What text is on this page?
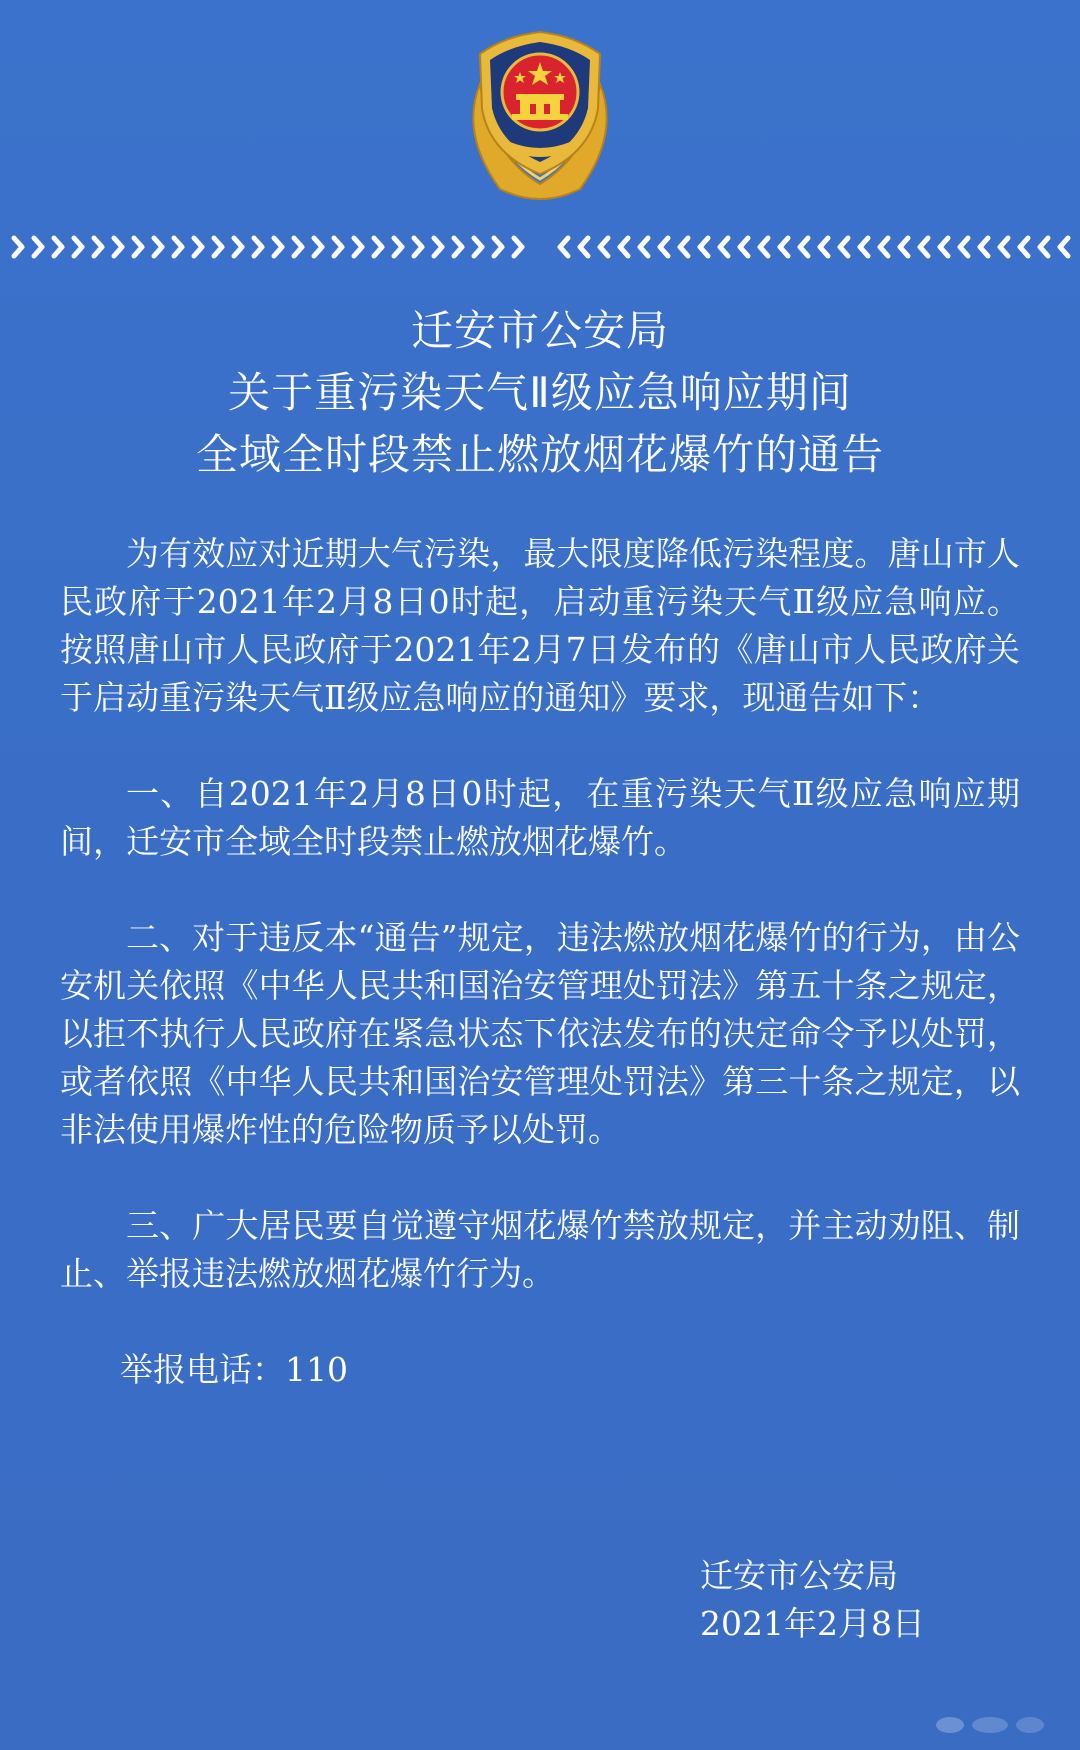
迁安市公安局
关于重污染天气Ⅱ级应急响应期间
全域全时段禁止燃放烟花爆竹的通告

为有效应对近期大气污染，最大限度降低污染程度。唐山市人民政府于2021年2月8日0时起，启动重污染天气Ⅱ级应急响应。按照唐山市人民政府于2021年2月7日发布的《唐山市人民政府关于启动重污染天气Ⅱ级应急响应的通知》要求，现通告如下：

一、自2021年2月8日0时起，在重污染天气Ⅱ级应急响应期间，迁安市全域全时段禁止燃放烟花爆竹。

二、对于违反本“通告”规定，违法燃放烟花爆竹的行为，由公安机关依照《中华人民共和国治安管理处罚法》第五十条之规定，以拒不执行人民政府在紧急状态下依法发布的决定命令予以处罚，或者依照《中华人民共和国治安管理处罚法》第三十条之规定，以非法使用爆炸性的危险物质予以处罚。

三、广大居民要自觉遵守烟花爆竹禁放规定，并主动劝阻、制止、举报违法燃放烟花爆竹行为。

举报电话：110

迁安市公安局
2021年2月8日
